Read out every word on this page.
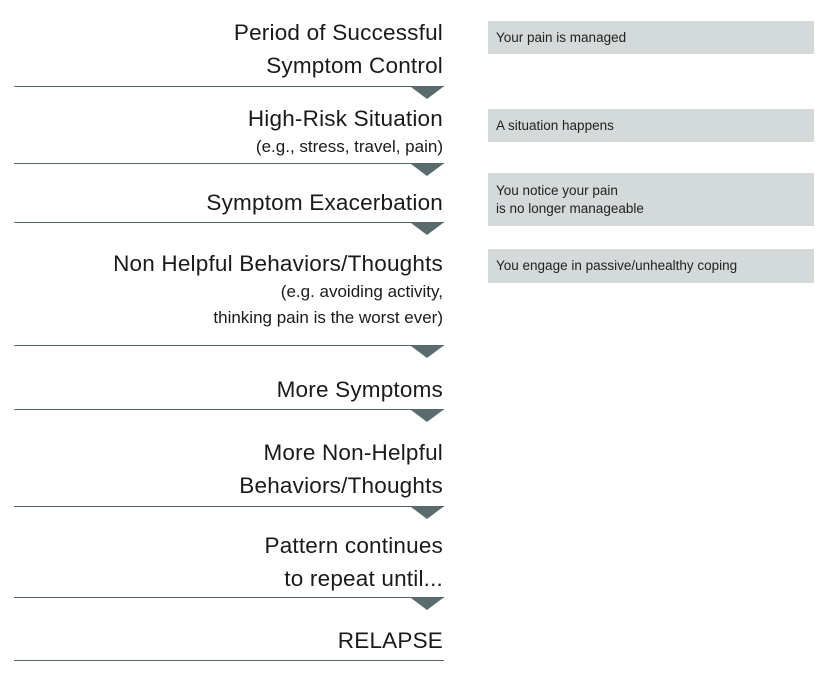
Period of Successful
Symptom Control
High-Risk Situation
(e.g., stress, travel, pain)
Symptom Exacerbation
Non Helpful Behaviors/Thoughts
(e.g. avoiding activity,
thinking pain is the worst ever)
More Symptoms
More Non-Helpful
Behaviors/Thoughts
Pattern continues
to repeat until...
RELAPSE
Your pain is managed
A situation happens
You notice your pain
is no longer manageable
You engage in passive/unhealthy coping
